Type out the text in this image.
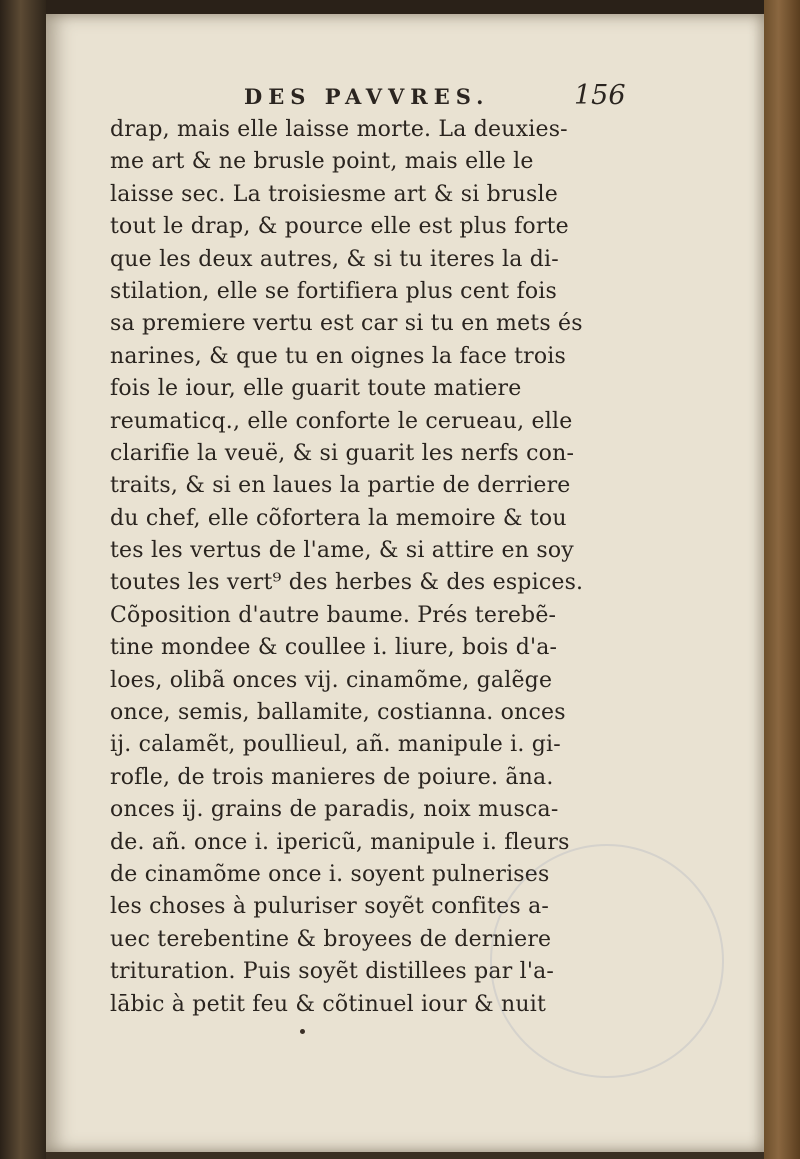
DES PAVVRES.	156
drap, mais elle laisse morte. La deuxies-
me art & ne brusle point, mais elle le
laisse sec. La troisiesme art & si brusle
tout le drap, & pource elle est plus forte
que les deux autres, & si tu iteres la di-
stilation, elle se fortifiera plus cent fois
sa premiere vertu est car si tu en mets és
narines, & que tu en oignes la face trois
fois le iour, elle guarit toute matiere
reumaticq., elle conforte le cerueau, elle
clarifie la veuë, & si guarit les nerfs con-
traits, & si en laues la partie de derriere
du chef, elle cõfortera la memoire & tou
tes les vertus de l'ame, & si attire en soy
toutes les vert⁹ des herbes & des espices.
Cõposition d'autre baume. Prés terebẽ-
tine mondee & coullee i. liure, bois d'a-
loes, olibã onces vij. cinamõme, galẽge
once, semis, ballamite, costianna. onces
ij. calamẽt, poullieul, añ. manipule i. gi-
rofle, de trois manieres de poiure. ãna.
onces ij. grains de paradis, noix musca-
de. añ. once i. ipericũ, manipule i. fleurs
de cinamõme once i. soyent pulnerises
les choses à puluriser soyẽt confites a-
uec terebentine & broyees de derniere
trituration. Puis soyẽt distillees par l'a-
lābic à petit feu & cõtinuel iour & nuit
